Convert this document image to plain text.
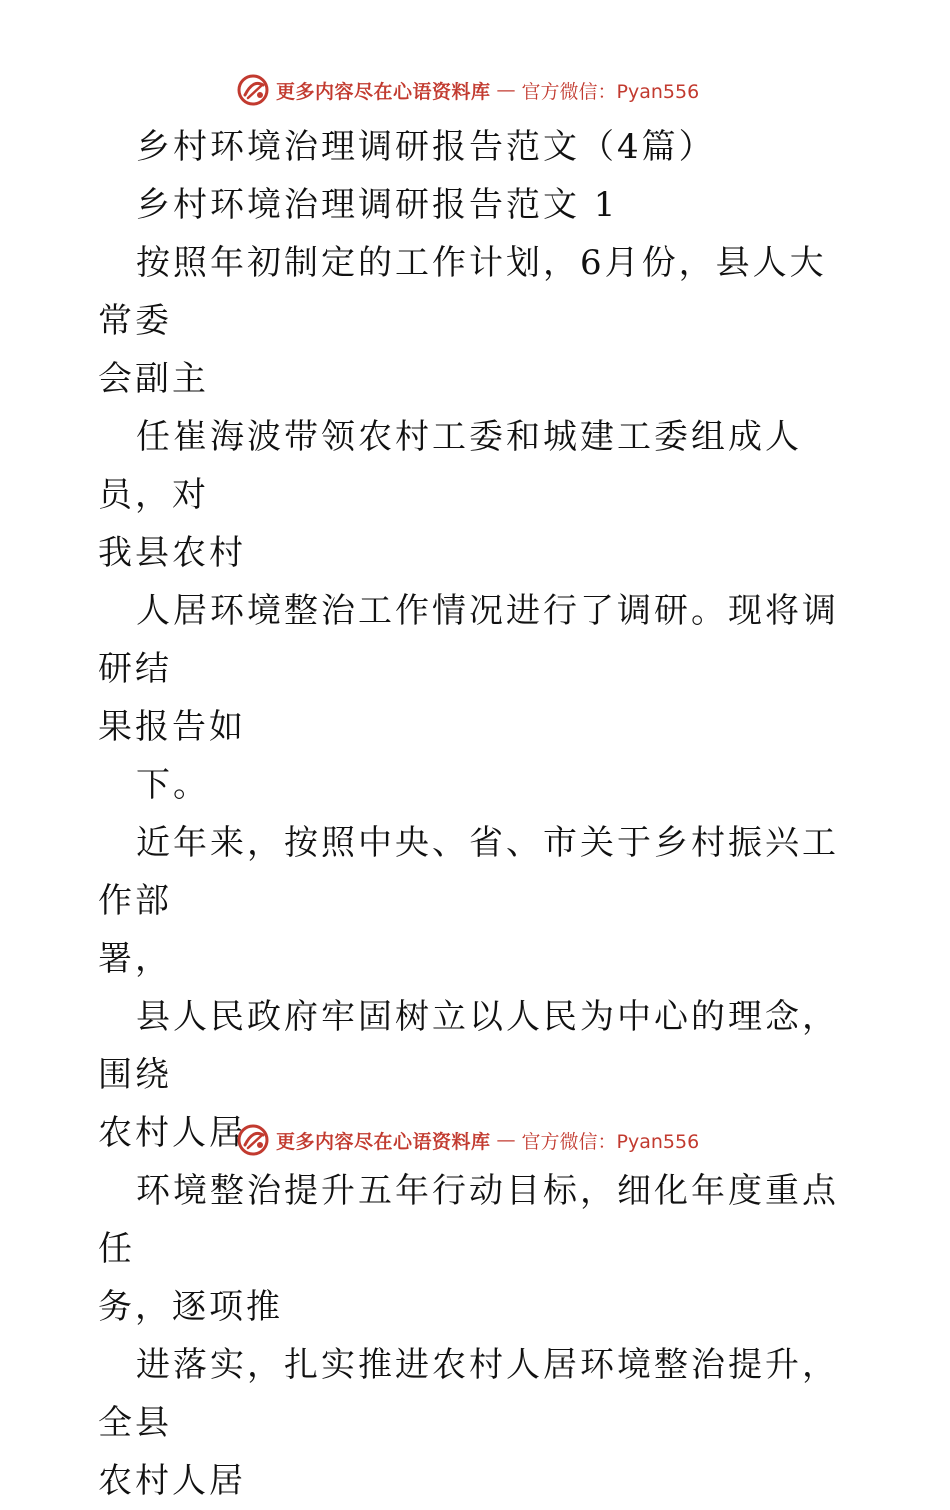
更多内容尽在心语资料库 — 官方微信：Pyan556

乡村环境治理调研报告范文（4篇）

乡村环境治理调研报告范文 1

按照年初制定的工作计划，6月份，县人大常委
会副主

任崔海波带领农村工委和城建工委组成人员，对
我县农村

人居环境整治工作情况进行了调研。现将调研结
果报告如

下。

近年来，按照中央、省、市关于乡村振兴工作部
署，

县人民政府牢固树立以人民为中心的理念，围绕
农村人居

环境整治提升五年行动目标，细化年度重点任
务，逐项推

进落实，扎实推进农村人居环境整治提升，全县
农村人居

更多内容尽在心语资料库 — 官方微信：Pyan556
